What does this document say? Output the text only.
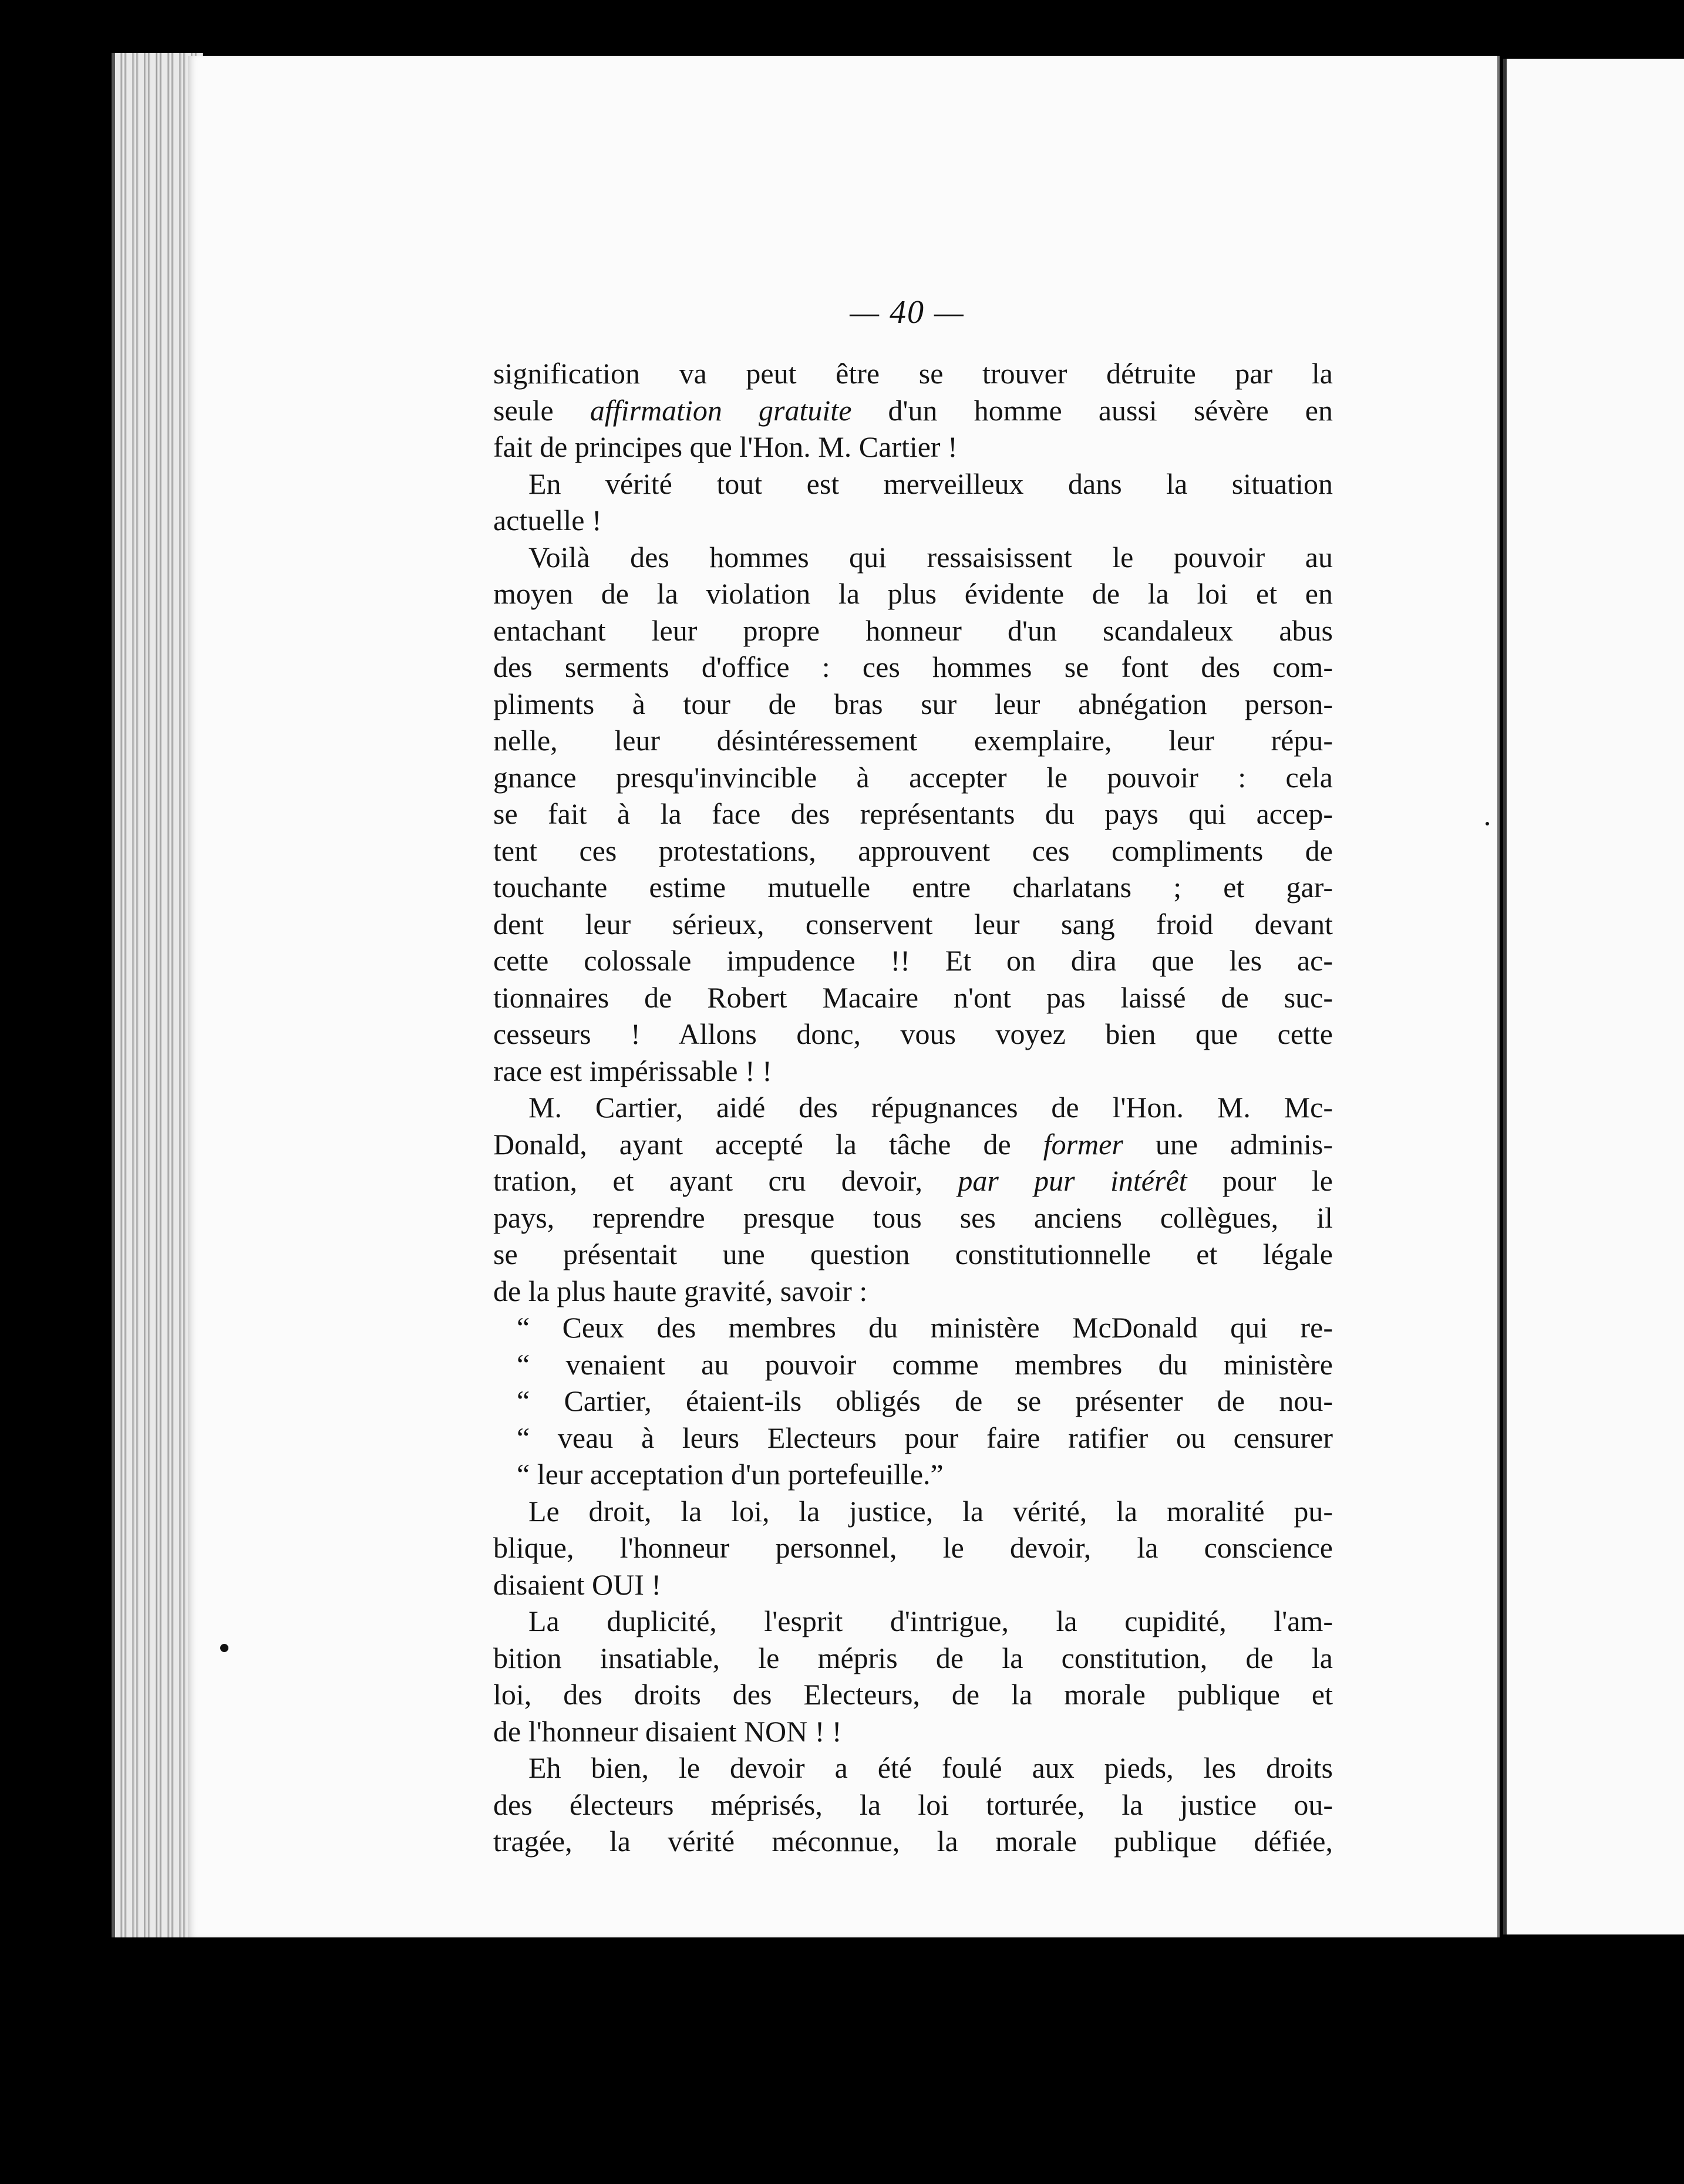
— 40 —
signification va peut être se trouver détruite par la
seule affirmation gratuite d'un homme aussi sévère en
fait de principes que l'Hon. M. Cartier !
En vérité tout est merveilleux dans la situation
actuelle !
Voilà des hommes qui ressaisissent le pouvoir au
moyen de la violation la plus évidente de la loi et en
entachant leur propre honneur d'un scandaleux abus
des serments d'office : ces hommes se font des com-
pliments à tour de bras sur leur abnégation person-
nelle, leur désintéressement exemplaire, leur répu-
gnance presqu'invincible à accepter le pouvoir : cela
se fait à la face des représentants du pays qui accep-
tent ces protestations, approuvent ces compliments de
touchante estime mutuelle entre charlatans ; et gar-
dent leur sérieux, conservent leur sang froid devant
cette colossale impudence !! Et on dira que les ac-
tionnaires de Robert Macaire n'ont pas laissé de suc-
cesseurs ! Allons donc, vous voyez bien que cette
race est impérissable ! !
M. Cartier, aidé des répugnances de l'Hon. M. Mc-
Donald, ayant accepté la tâche de former une adminis-
tration, et ayant cru devoir, par pur intérêt pour le
pays, reprendre presque tous ses anciens collègues, il
se présentait une question constitutionnelle et légale
de la plus haute gravité, savoir :
“ Ceux des membres du ministère McDonald qui re-
“ venaient au pouvoir comme membres du ministère
“ Cartier, étaient-ils obligés de se présenter de nou-
“ veau à leurs Electeurs pour faire ratifier ou censurer
“ leur acceptation d'un portefeuille.”
Le droit, la loi, la justice, la vérité, la moralité pu-
blique, l'honneur personnel, le devoir, la conscience
disaient OUI !
La duplicité, l'esprit d'intrigue, la cupidité, l'am-
bition insatiable, le mépris de la constitution, de la
loi, des droits des Electeurs, de la morale publique et
de l'honneur disaient NON ! !
Eh bien, le devoir a été foulé aux pieds, les droits
des électeurs méprisés, la loi torturée, la justice ou-
tragée, la vérité méconnue, la morale publique défiée,
